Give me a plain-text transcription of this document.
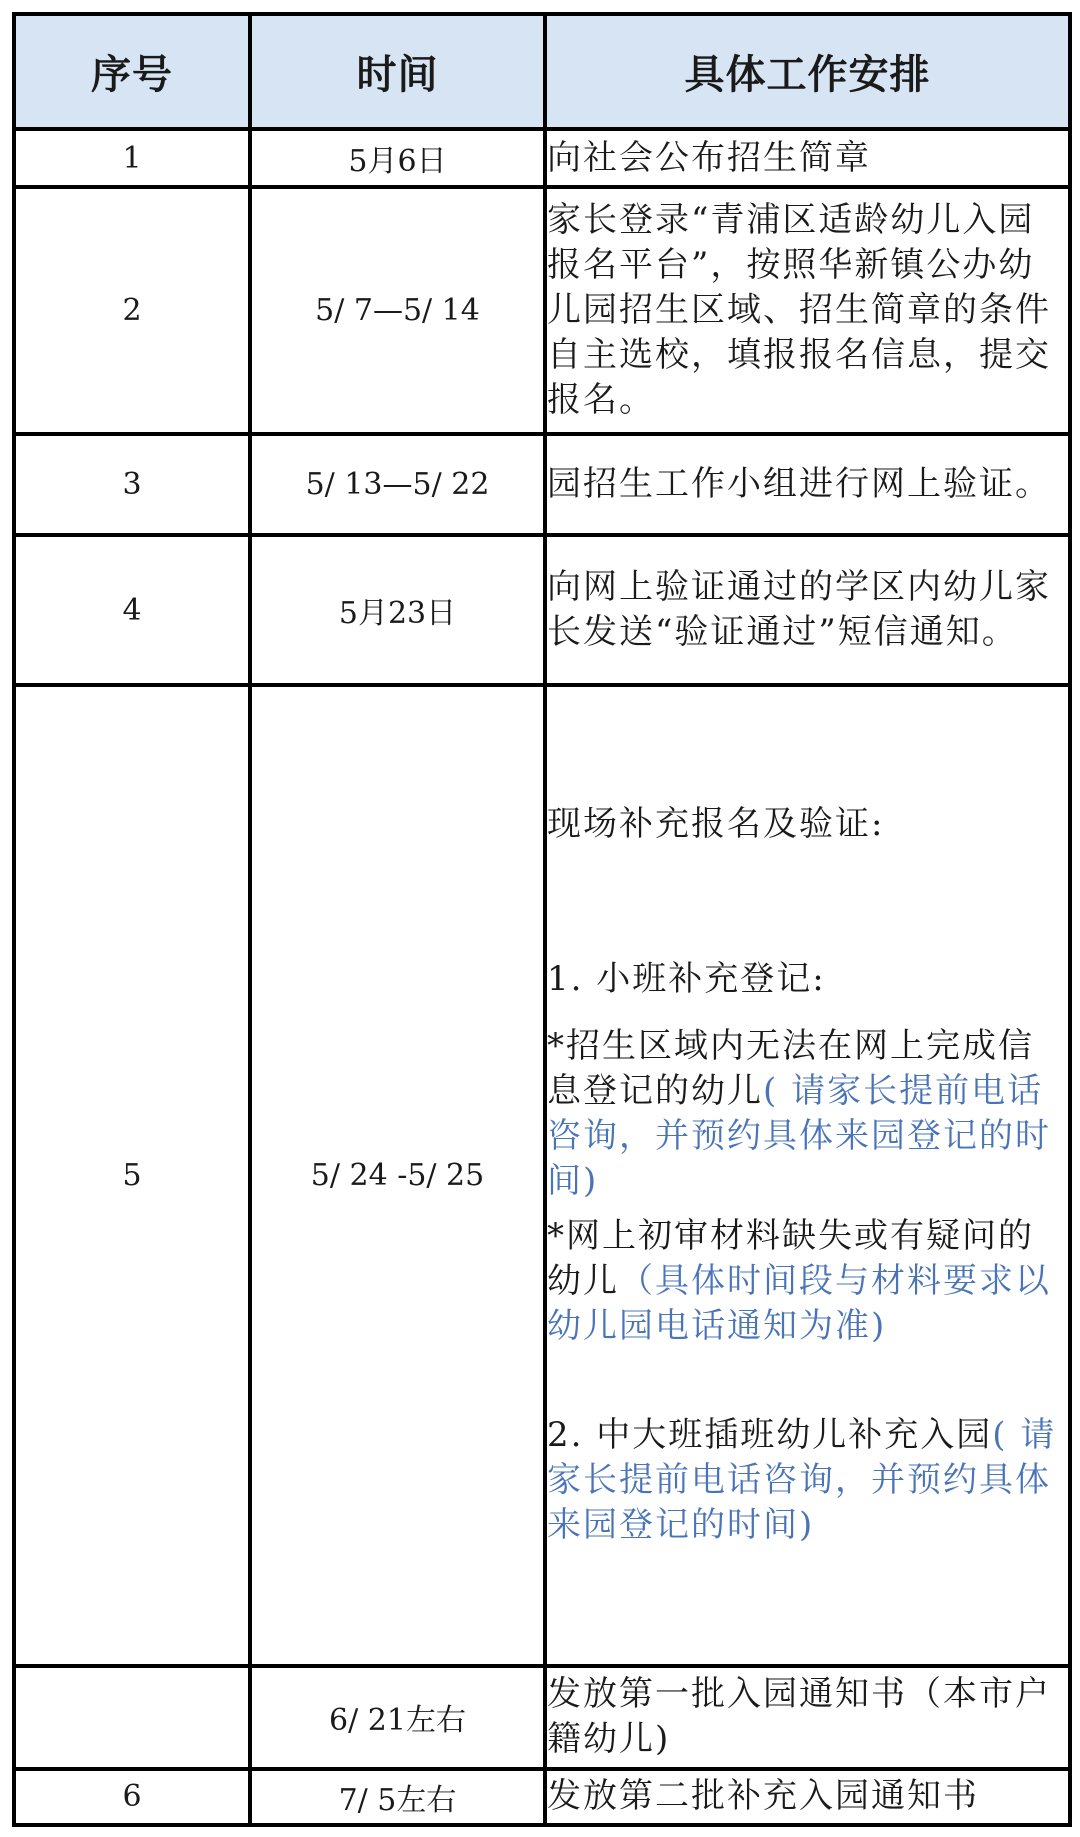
序号	时间	具体工作安排
1	5月6日	向社会公布招生简章
2	5/ 7—5/ 14	家长登录“青浦区适龄幼儿入园报名平台”，按照华新镇公办幼儿园招生区域、招生简章的条件自主选校，填报报名信息，提交报名。
3	5/ 13—5/ 22	园招生工作小组进行网上验证。
4	5月23日	向网上验证通过的学区内幼儿家长发送“验证通过”短信通知。
5	5/ 24 -5/ 25	现场补充报名及验证:
1. 小班补充登记:
*招生区域内无法在网上完成信息登记的幼儿( 请家长提前电话咨询，并预约具体来园登记的时间)
*网上初审材料缺失或有疑问的幼儿（具体时间段与材料要求以幼儿园电话通知为准)
2. 中大班插班幼儿补充入园( 请家长提前电话咨询，并预约具体来园登记的时间)

	6/ 21左右	发放第一批入园通知书（本市户籍幼儿)
6	7/ 5左右	发放第二批补充入园通知书
